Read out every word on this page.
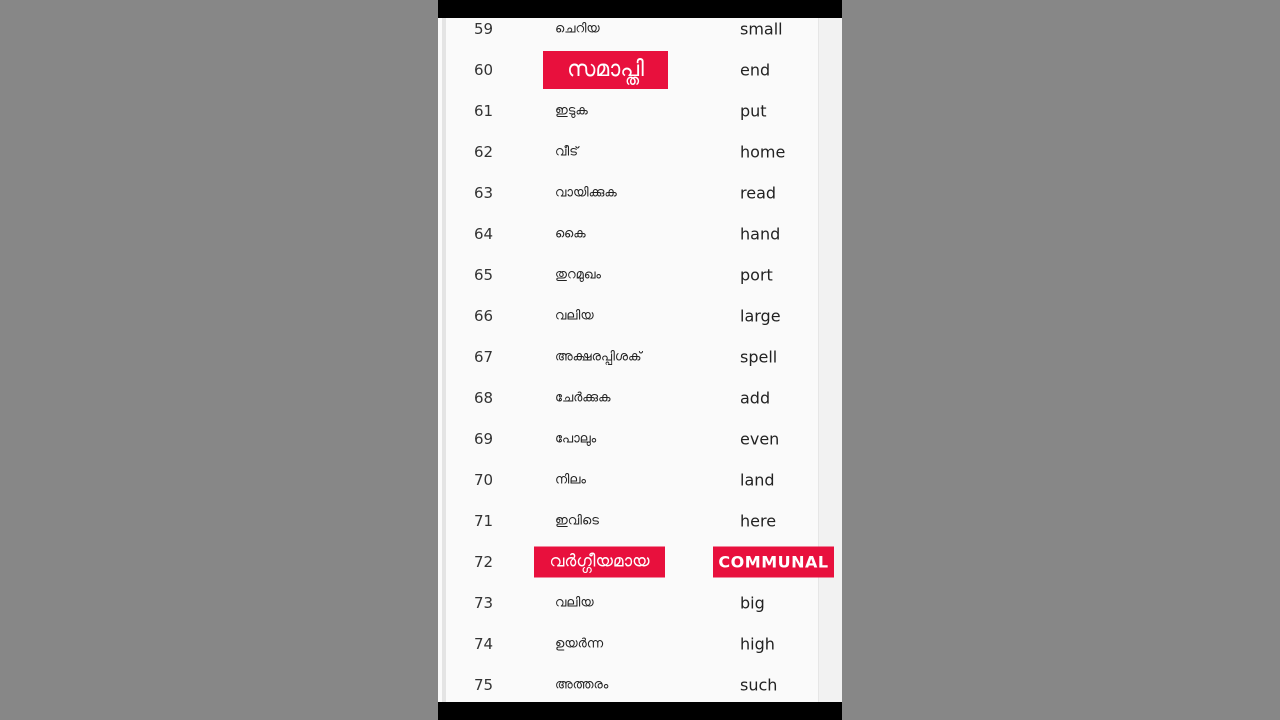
59	ചെറിയ	small
60	സമാപ്തി	end
61	ഇടുക	put
62	വീട്	home
63	വായിക്കുക	read
64	കൈ	hand
65	തുറമുഖം	port
66	വലിയ	large
67	അക്ഷരപ്പിശക്	spell
68	ചേർക്കുക	add
69	പോലും	even
70	നിലം	land
71	ഇവിടെ	here
72	വർഗ്ഗീയമായ	COMMUNAL
73	വലിയ	big
74	ഉയർന്ന	high
75	അത്തരം	such
